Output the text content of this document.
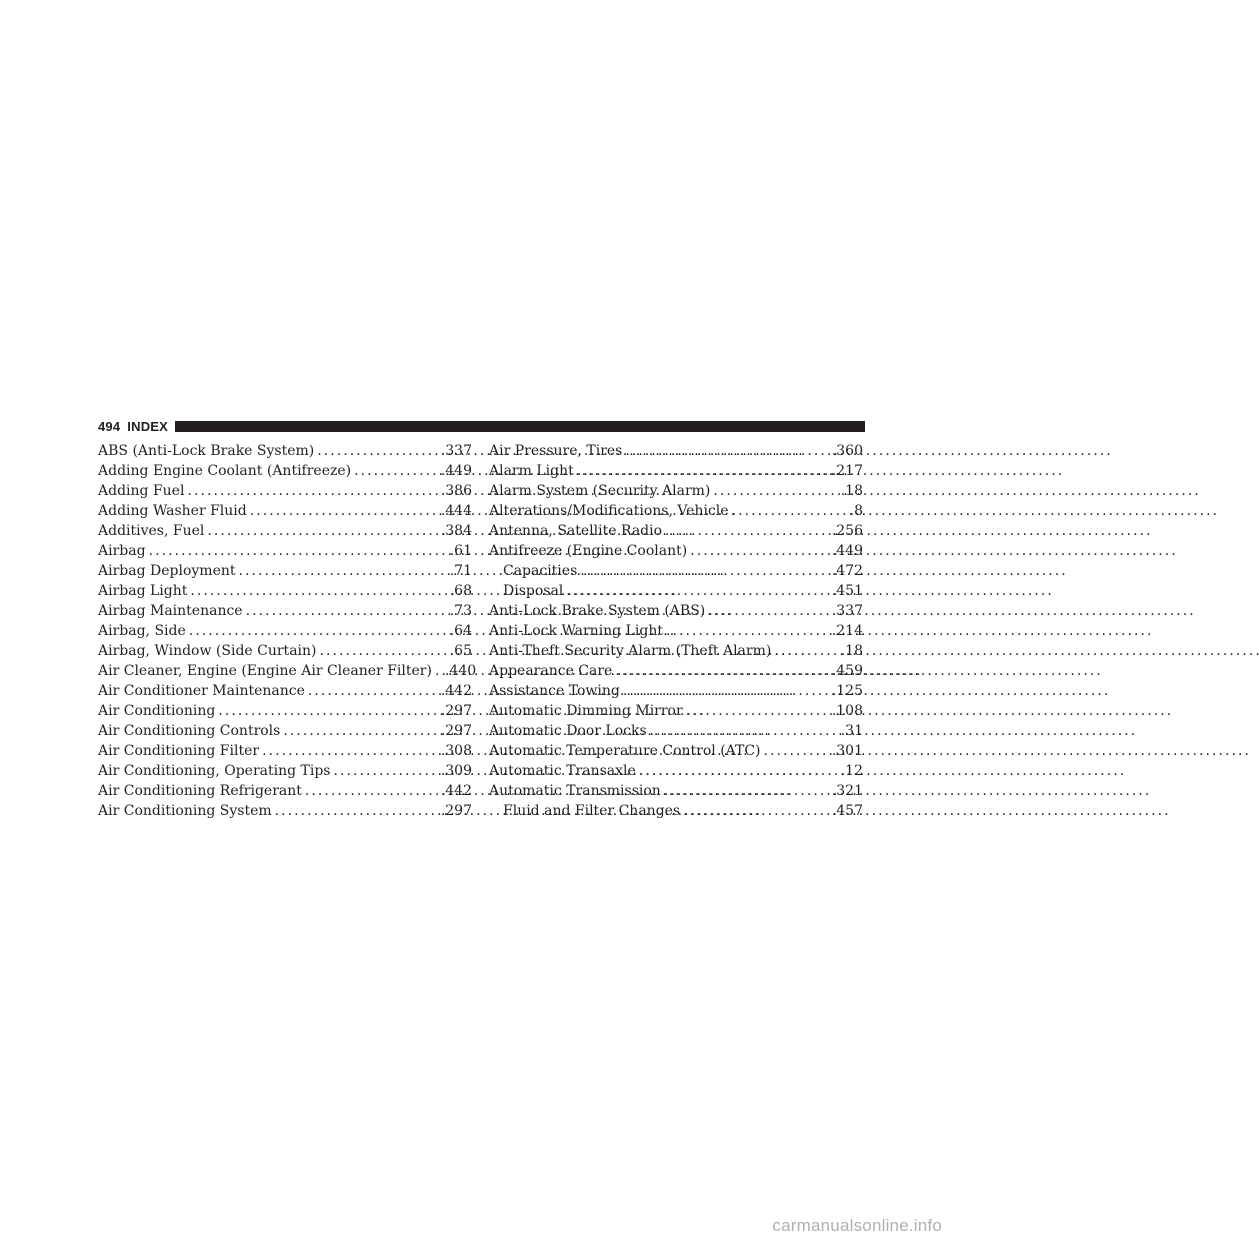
494 INDEX
ABS (Anti-Lock Brake System) . . .	.337
Adding Engine Coolant (Antifreeze) . . .	.449
Adding Fuel . . .	.386
Adding Washer Fluid . . .	.444
Additives, Fuel . . .	.384
Airbag . . .	.61
Airbag Deployment . . .	.71
Airbag Light . . .	.68
Airbag Maintenance . . .	.73
Airbag, Side . . .	.64
Airbag, Window (Side Curtain) . . .	.65
Air Cleaner, Engine (Engine Air Cleaner Filter) . . . .440
Air Conditioner Maintenance . . .	.442
Air Conditioning . . .	.297
Air Conditioning Controls . . .	.297
Air Conditioning Filter . . .	.308
Air Conditioning, Operating Tips . . .	.309
Air Conditioning Refrigerant . . .	.442
Air Conditioning System . . .	.297
Air Pressure, Tires . . .	.360
Alarm Light . . .	.217
Alarm System (Security Alarm) . . .	.18
Alterations/Modifications, Vehicle . . .	.8
Antenna, Satellite Radio . . .	.256
Antifreeze (Engine Coolant) . . .	.449
Capacities . . .	.472
Disposal . . .	.451
Anti-Lock Brake System (ABS) . . .	.337
Anti-Lock Warning Light . . .	.214
Anti-Theft Security Alarm (Theft Alarm) . . .	.18
Appearance Care . . .	.459
Assistance Towing . . .	.125
Automatic Dimming Mirror . . .	.108
Automatic Door Locks . . .	.31
Automatic Temperature Control (ATC) . . .	.301
Automatic Transaxle . . .	.12
Automatic Transmission . . .	.321
Fluid and Filter Changes . . .	.457
carmanualsonline.info
